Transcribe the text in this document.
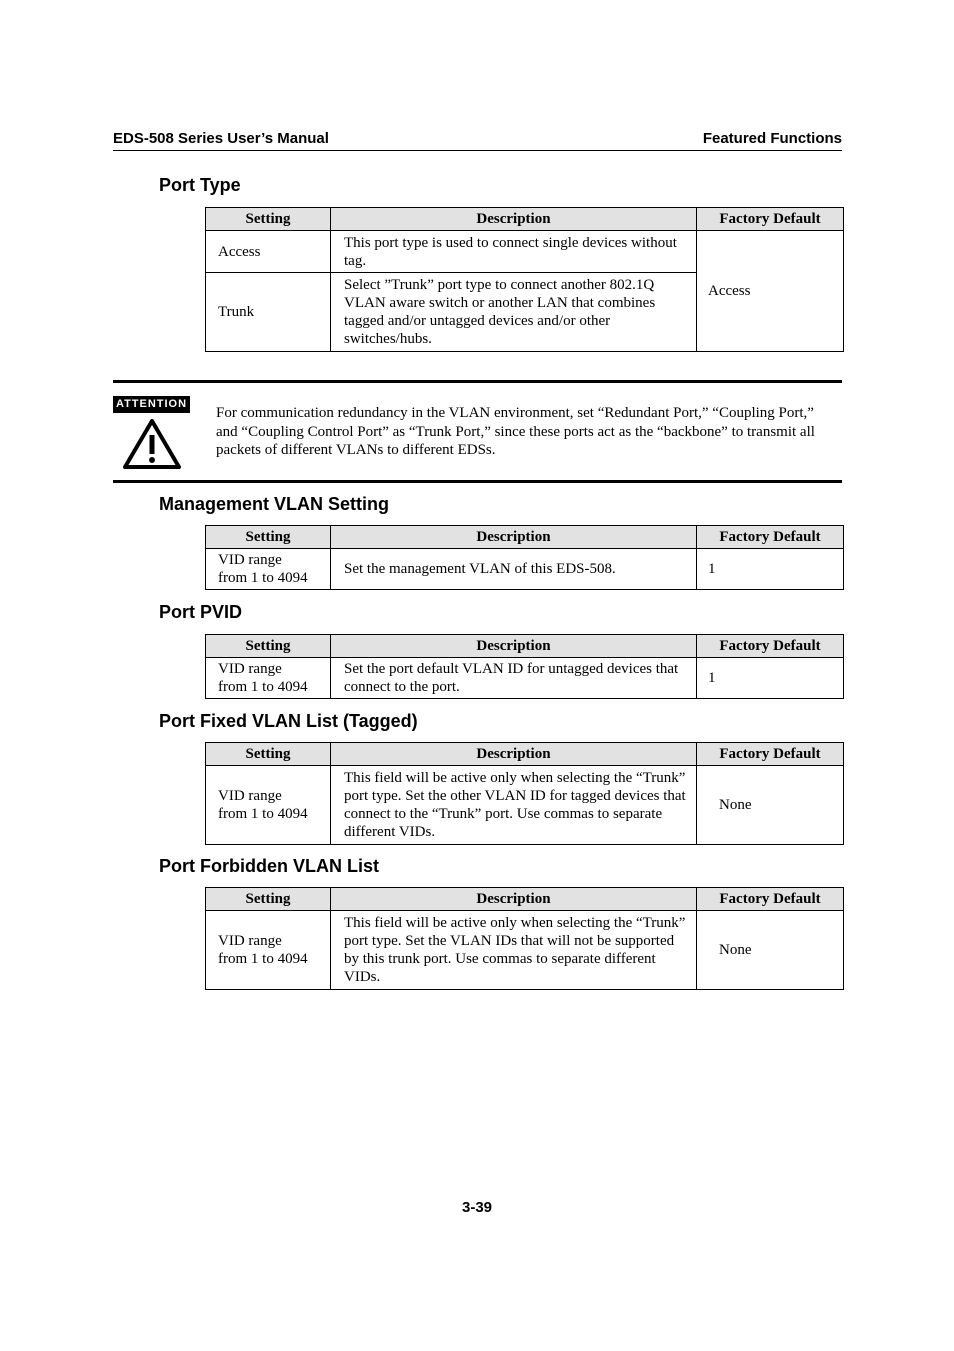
EDS-508 Series User’s Manual	Featured Functions
Port Type
Setting	Description	Factory Default
Access	This port type is used to connect single devices without tag.	Access
Trunk	Select ”Trunk” port type to connect another 802.1Q VLAN aware switch or another LAN that combines tagged and/or untagged devices and/or other switches/hubs.	
ATTENTION
For communication redundancy in the VLAN environment, set “Redundant Port,” “Coupling Port,” and “Coupling Control Port” as “Trunk Port,” since these ports act as the “backbone” to transmit all packets of different VLANs to different EDSs.
Management VLAN Setting
Setting	Description	Factory Default
VID range
from 1 to 4094	Set the management VLAN of this EDS-508.	1
Port PVID
Setting	Description	Factory Default
VID range
from 1 to 4094	Set the port default VLAN ID for untagged devices that connect to the port.	1
Port Fixed VLAN List (Tagged)
Setting	Description	Factory Default
VID range
from 1 to 4094	This field will be active only when selecting the “Trunk” port type. Set the other VLAN ID for tagged devices that connect to the “Trunk” port. Use commas to separate different VIDs.	None
Port Forbidden VLAN List
Setting	Description	Factory Default
VID range
from 1 to 4094	This field will be active only when selecting the “Trunk” port type. Set the VLAN IDs that will not be supported by this trunk port. Use commas to separate different VIDs.	None
3-39
